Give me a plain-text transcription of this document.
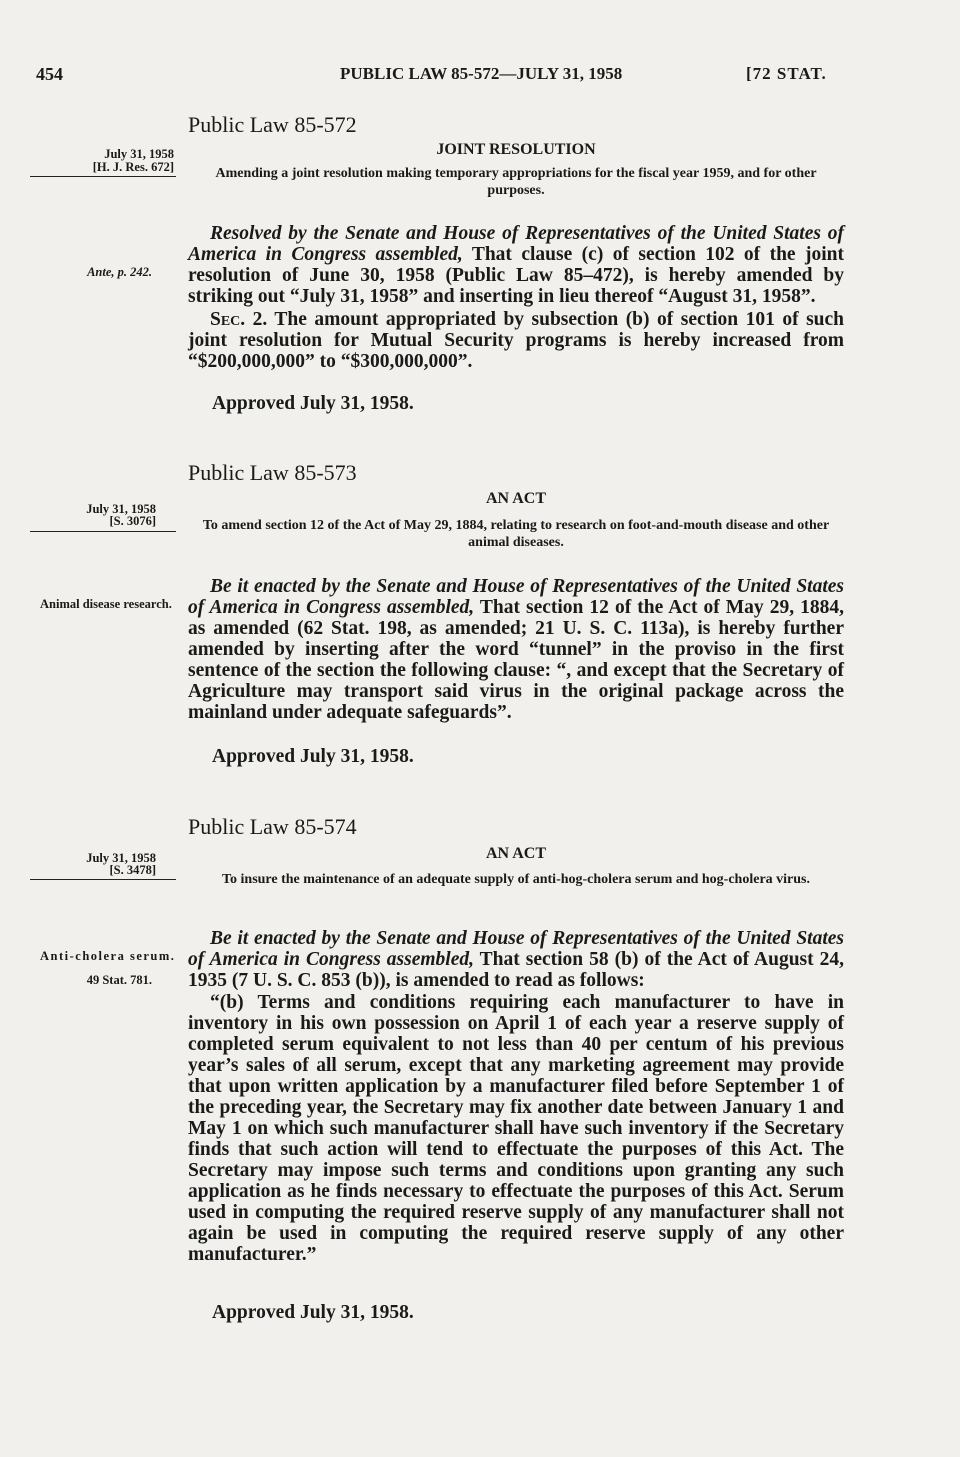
454	PUBLIC LAW 85-572—JULY 31, 1958	[72 STAT.
Public Law 85-572
July 31, 1958
[H. J. Res. 672]
JOINT RESOLUTION
Amending a joint resolution making temporary appropriations for the fiscal year 1959, and for other purposes.
Ante, p. 242.

Resolved by the Senate and House of Representatives of the United States of America in Congress assembled, That clause (c) of section 102 of the joint resolution of June 30, 1958 (Public Law 85–472), is hereby amended by striking out “July 31, 1958” and inserting in lieu thereof “August 31, 1958”.

Sec. 2. The amount appropriated by subsection (b) of section 101 of such joint resolution for Mutual Security programs is hereby increased from “$200,000,000” to “$300,000,000”.

Approved July 31, 1958.
Public Law 85-573
July 31, 1958
[S. 3076]
AN ACT
To amend section 12 of the Act of May 29, 1884, relating to research on foot-and-mouth disease and other animal diseases.
Animal disease research.

Be it enacted by the Senate and House of Representatives of the United States of America in Congress assembled, That section 12 of the Act of May 29, 1884, as amended (62 Stat. 198, as amended; 21 U. S. C. 113a), is hereby further amended by inserting after the word “tunnel” in the proviso in the first sentence of the section the following clause: “, and except that the Secretary of Agriculture may transport said virus in the original package across the mainland under adequate safeguards”.

Approved July 31, 1958.
Public Law 85-574
July 31, 1958
[S. 3478]
AN ACT
To insure the maintenance of an adequate supply of anti-hog-cholera serum and hog-cholera virus.
Anti-cholera serum.
49 Stat. 781.

Be it enacted by the Senate and House of Representatives of the United States of America in Congress assembled, That section 58 (b) of the Act of August 24, 1935 (7 U. S. C. 853 (b)), is amended to read as follows:

“(b) Terms and conditions requiring each manufacturer to have in inventory in his own possession on April 1 of each year a reserve supply of completed serum equivalent to not less than 40 per centum of his previous year’s sales of all serum, except that any marketing agreement may provide that upon written application by a manufacturer filed before September 1 of the preceding year, the Secretary may fix another date between January 1 and May 1 on which such manufacturer shall have such inventory if the Secretary finds that such action will tend to effectuate the purposes of this Act. The Secretary may impose such terms and conditions upon granting any such application as he finds necessary to effectuate the purposes of this Act. Serum used in computing the required reserve supply of any manufacturer shall not again be used in computing the required reserve supply of any other manufacturer.”

Approved July 31, 1958.
